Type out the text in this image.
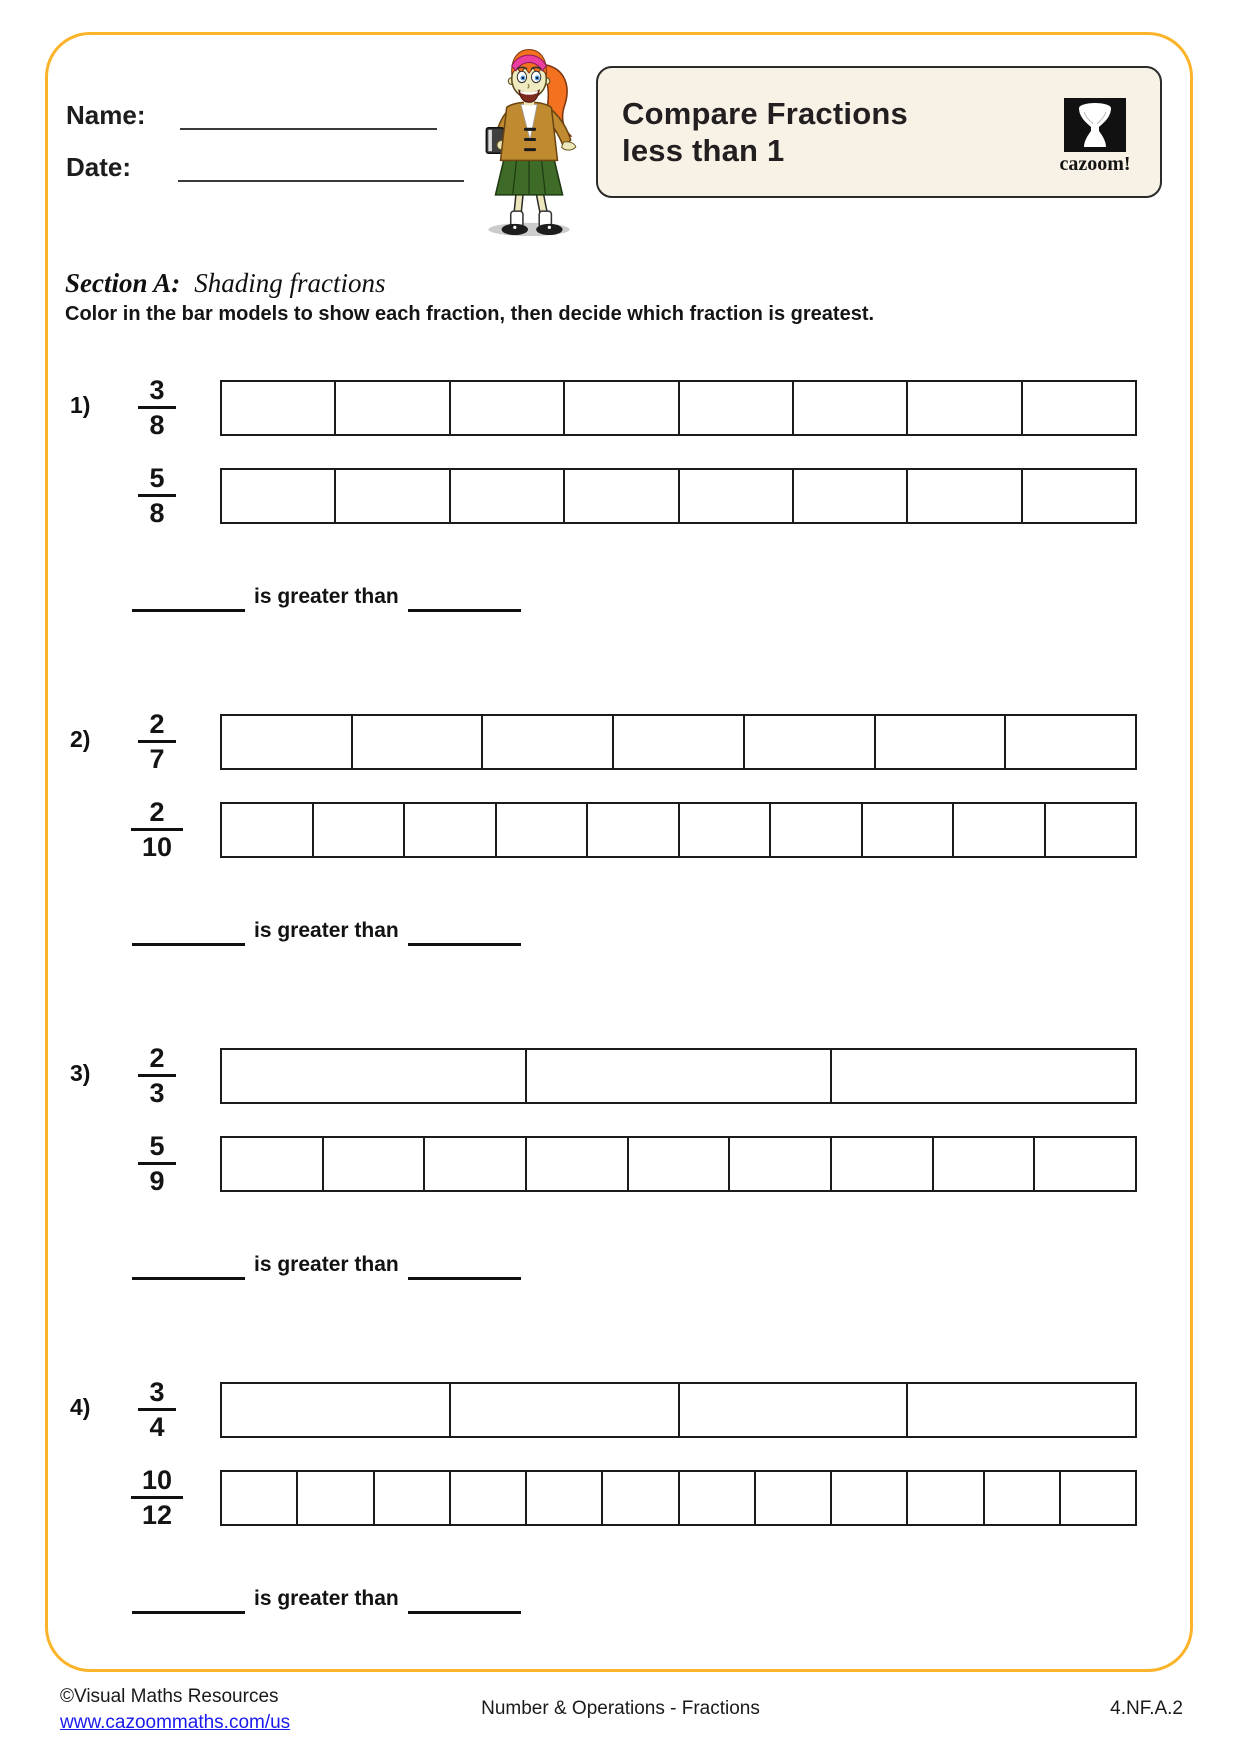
Name:
Date:
Compare Fractions
less than 1	cazoom!
Section A: Shading fractions
Color in the bar models to show each fraction, then decide which fraction is greatest.
$1) \frac{3}{8}$
$\frac{5}{8}$
is greater than
$2) \frac{2}{7}$
$\frac{2}{10}$
is greater than
$3) \frac{2}{3}$
$\frac{5}{9}$
is greater than
$4) \frac{3}{4}$
$\frac{10}{12}$
is greater than
©Visual Maths Resources
www.cazoommaths.com/us
Number & Operations - Fractions	4.NF.A.2
